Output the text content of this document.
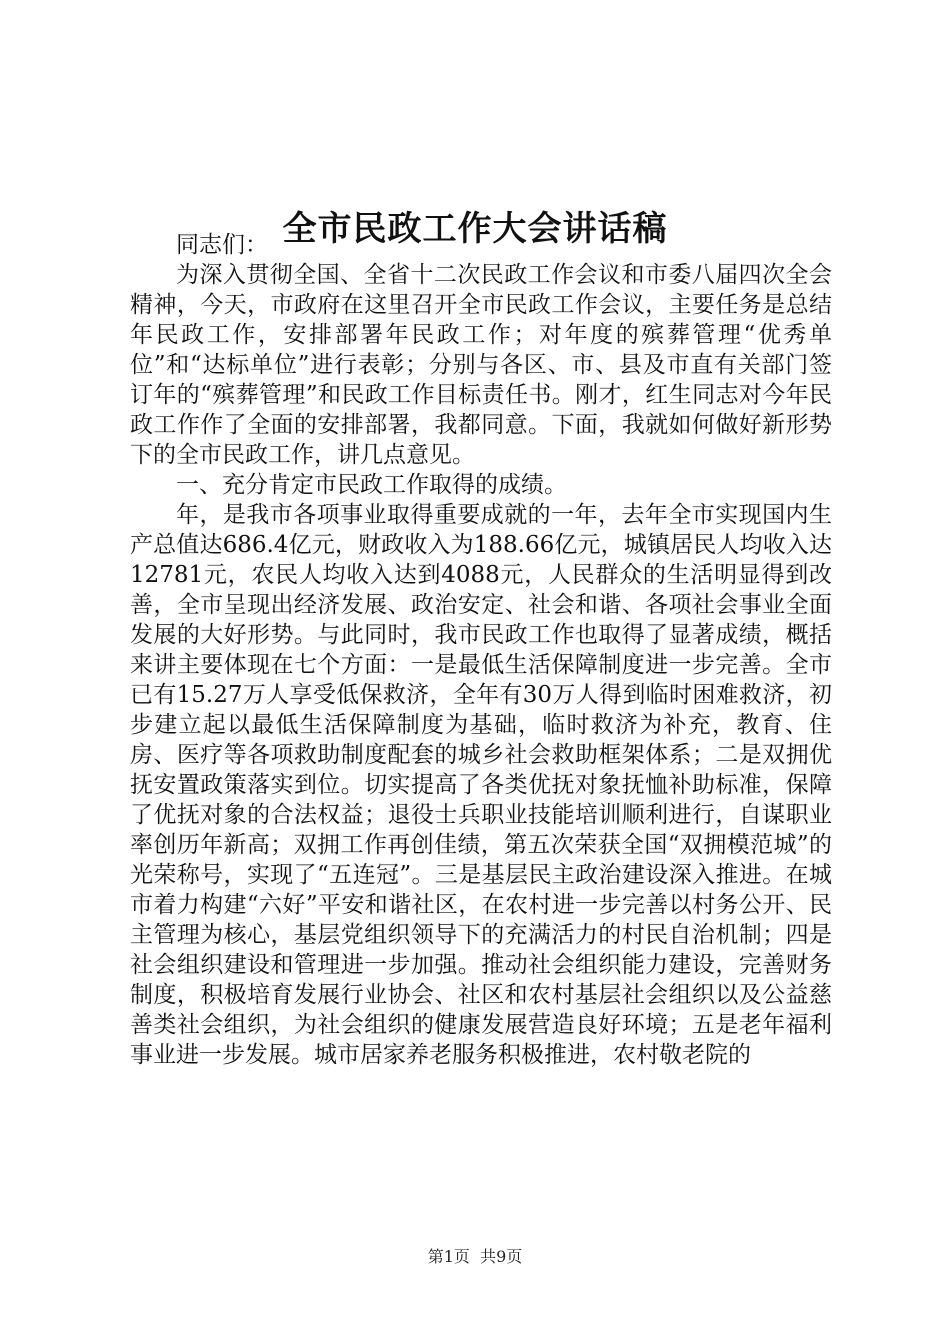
全市民政工作大会讲话稿

同志们：

为深入贯彻全国、全省十二次民政工作会议和市委八届四次全会精神，今天，市政府在这里召开全市民政工作会议，主要任务是总结年民政工作，安排部署年民政工作；对年度的殡葬管理“优秀单位”和“达标单位”进行表彰；分别与各区、市、县及市直有关部门签订年的“殡葬管理”和民政工作目标责任书。刚才，红生同志对今年民政工作作了全面的安排部署，我都同意。下面，我就如何做好新形势下的全市民政工作，讲几点意见。

一、充分肯定市民政工作取得的成绩。

年，是我市各项事业取得重要成就的一年，去年全市实现国内生产总值达686.4亿元，财政收入为188.66亿元，城镇居民人均收入达12781元，农民人均收入达到4088元，人民群众的生活明显得到改善，全市呈现出经济发展、政治安定、社会和谐、各项社会事业全面发展的大好形势。与此同时，我市民政工作也取得了显著成绩，概括来讲主要体现在七个方面：一是最低生活保障制度进一步完善。全市已有15.27万人享受低保救济，全年有30万人得到临时困难救济，初步建立起以最低生活保障制度为基础，临时救济为补充，教育、住房、医疗等各项救助制度配套的城乡社会救助框架体系；二是双拥优抚安置政策落实到位。切实提高了各类优抚对象抚恤补助标准，保障了优抚对象的合法权益；退役士兵职业技能培训顺利进行，自谋职业率创历年新高；双拥工作再创佳绩，第五次荣获全国“双拥模范城”的光荣称号，实现了“五连冠”。三是基层民主政治建设深入推进。在城市着力构建“六好”平安和谐社区，在农村进一步完善以村务公开、民主管理为核心，基层党组织领导下的充满活力的村民自治机制；四是社会组织建设和管理进一步加强。推动社会组织能力建设，完善财务制度，积极培育发展行业协会、社区和农村基层社会组织以及公益慈善类社会组织，为社会组织的健康发展营造良好环境；五是老年福利事业进一步发展。城市居家养老服务积极推进，农村敬老院的

第1页 共9页
